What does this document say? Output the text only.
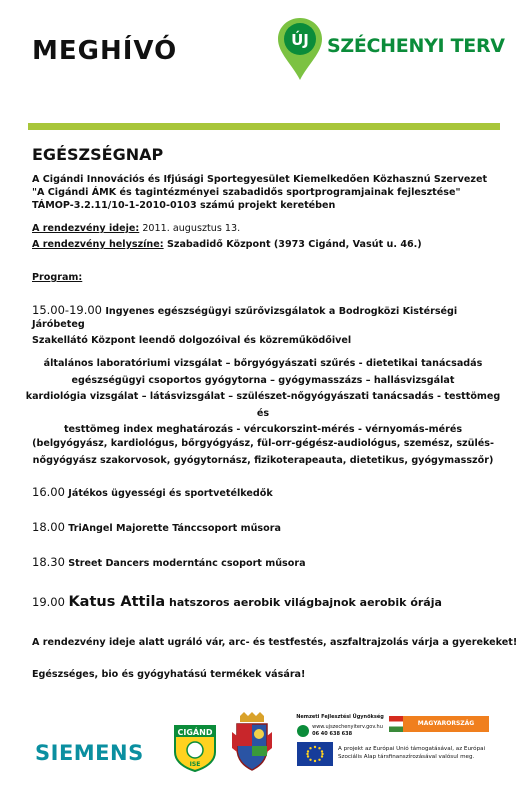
MEGHÍVÓ	ÚJ SZÉCHENYI TERV
EGÉSZSÉGNAP
A Cigándi Innovációs és Ifjúsági Sportegyesület Kiemelkedően Közhasznú Szervezet
"A Cigándi ÁMK és tagintézményei szabadidős sportprogramjainak fejlesztése"
TÁMOP-3.2.11/10-1-2010-0103 számú projekt keretében
A rendezvény ideje: 2011. augusztus 13.
A rendezvény helyszíne: Szabadidő Központ (3973 Cigánd, Vasút u. 46.)
Program:
15.00-19.00 Ingyenes egészségügyi szűrővizsgálatok a Bodrogközi Kistérségi Járóbeteg
Szakellátó Központ leendő dolgozóival és közreműködőivel
általános laboratóriumi vizsgálat – bőrgyógyászati szűrés - dietetikai tanácsadás
egészségügyi csoportos gyógytorna – gyógymasszázs – hallásvizsgálat
kardiológia vizsgálat – látásvizsgálat – szülészet-nőgyógyászati tanácsadás - testtömeg és
testtömeg index meghatározás - vércukorszint-mérés - vérnyomás-mérés
(belgyógyász, kardiológus, bőrgyógyász, fül-orr-gégész-audiológus, szemész, szülés-
nőgyógyász szakorvosok, gyógytornász, fizikoterapeauta, dietetikus, gyógymasszőr)
16.00 Játékos ügyességi és sportvetélkedők
18.00 TriAngel Majorette Tánccsoport műsora
18.30 Street Dancers moderntánc csoport műsora
19.00 Katus Attila hatszoros aerobik világbajnok aerobik órája
A rendezvény ideje alatt ugráló vár, arc- és testfestés, aszfaltrajzolás várja a gyerekeket!
Egészséges, bio és gyógyhatású termékek vására!
SIEMENS
CIGÁND
ISE
Nemzeti Fejlesztési Ügynökség
www.ujszechenyiterv.gov.hu
06 40 638 638
MAGYARORSZÁG MEGÚJUL
A projekt az Európai Unió támogatásával, az Európai
Szociális Alap társfinanszírozásával valósul meg.
